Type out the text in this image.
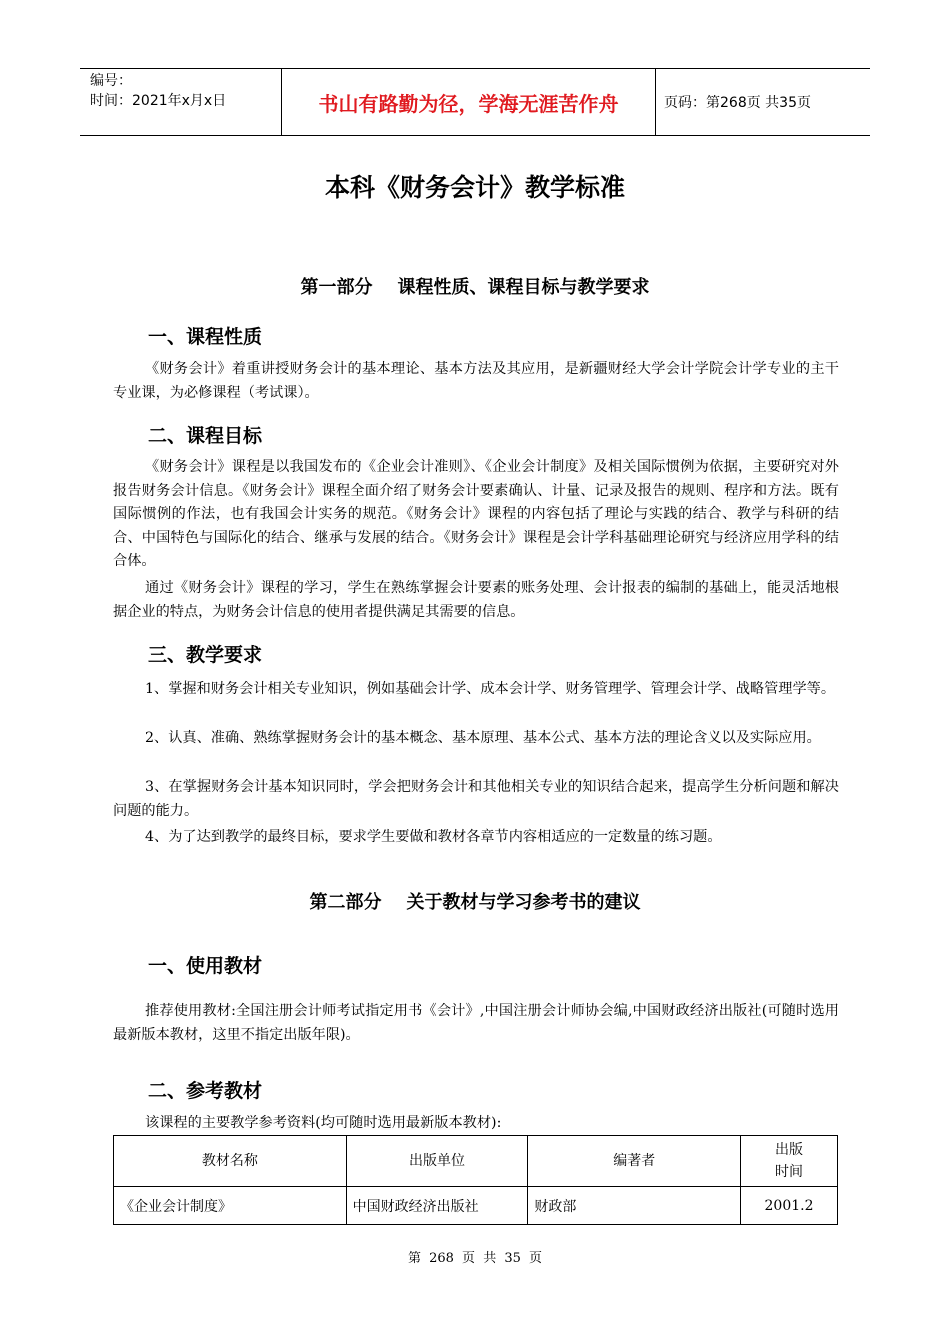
编号：
时间：2021年x月x日	书山有路勤为径，学海无涯苦作舟	页码：第268页 共35页
本科《财务会计》教学标准
第一部分    课程性质、课程目标与教学要求
一、课程性质

《财务会计》着重讲授财务会计的基本理论、基本方法及其应用，是新疆财经大学会计学院会计学专业的主干专业课，为必修课程（考试课）。

二、课程目标

《财务会计》课程是以我国发布的《企业会计准则》、《企业会计制度》及相关国际惯例为依据，主要研究对外报告财务会计信息。《财务会计》课程全面介绍了财务会计要素确认、计量、记录及报告的规则、程序和方法。既有国际惯例的作法，也有我国会计实务的规范。《财务会计》课程的内容包括了理论与实践的结合、教学与科研的结合、中国特色与国际化的结合、继承与发展的结合。《财务会计》课程是会计学科基础理论研究与经济应用学科的结合体。

通过《财务会计》课程的学习，学生在熟练掌握会计要素的账务处理、会计报表的编制的基础上，能灵活地根据企业的特点，为财务会计信息的使用者提供满足其需要的信息。

三、教学要求

1、掌握和财务会计相关专业知识，例如基础会计学、成本会计学、财务管理学、管理会计学、战略管理学等。

2、认真、准确、熟练掌握财务会计的基本概念、基本原理、基本公式、基本方法的理论含义以及实际应用。

3、在掌握财务会计基本知识同时，学会把财务会计和其他相关专业的知识结合起来，提高学生分析问题和解决问题的能力。

4、为了达到教学的最终目标，要求学生要做和教材各章节内容相适应的一定数量的练习题。

第二部分    关于教材与学习参考书的建议
一、使用教材

推荐使用教材:全国注册会计师考试指定用书《会计》,中国注册会计师协会编,中国财政经济出版社(可随时选用最新版本教材，这里不指定出版年限)。

二、参考教材

该课程的主要教学参考资料(均可随时选用最新版本教材):

教材名称	出版单位	编著者	出版
时间

《企业会计制度》	中国财政经济出版社	财政部	2001.2
第 268 页 共 35 页
